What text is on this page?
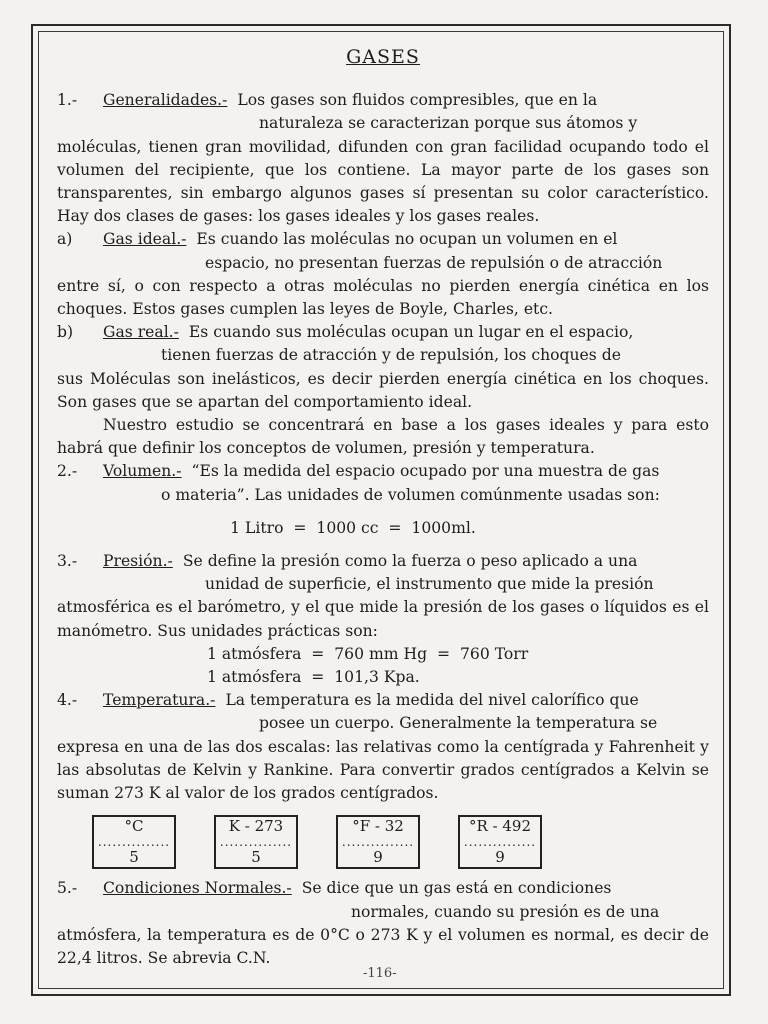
GASES
1.-	Generalidades.- Los gases son fluidos compresibles, que en la
naturaleza se caracterizan porque sus átomos y
moléculas, tienen gran movilidad, difunden con gran facilidad ocupando todo el volumen del recipiente, que los contiene. La mayor parte de los gases son transparentes, sin embargo algunos gases sí presentan su color característico. Hay dos clases de gases: los gases ideales y los gases reales.
a)	Gas ideal.- Es cuando las moléculas no ocupan un volumen en el
espacio, no presentan fuerzas de repulsión o de atracción
entre sí, o con respecto a otras moléculas no pierden energía cinética en los choques. Estos gases cumplen las leyes de Boyle, Charles, etc.
b)	Gas real.- Es cuando sus moléculas ocupan un lugar en el espacio,
tienen fuerzas de atracción y de repulsión, los choques de
sus Moléculas son inelásticos, es decir pierden energía cinética en los choques. Son gases que se apartan del comportamiento ideal.
Nuestro estudio se concentrará en base a los gases ideales y para esto habrá que definir los conceptos de volumen, presión y temperatura.
2.-	Volumen.- “Es la medida del espacio ocupado por una muestra de gas
o materia”. Las unidades de volumen comúnmente usadas son:
1 Litro  =  1000 cc  =  1000ml.
3.-	Presión.- Se define la presión como la fuerza o peso aplicado a una
unidad de superficie, el instrumento que mide la presión
atmosférica es el barómetro, y el que mide la presión de los gases o líquidos es el manómetro. Sus unidades prácticas son:
1 atmósfera  =  760 mm Hg  =  760 Torr
1 atmósfera  =  101,3 Kpa.
4.-	Temperatura.- La temperatura es la medida del nivel calorífico que
posee un cuerpo. Generalmente la temperatura se
expresa en una de las dos escalas: las relativas como la centígrada y Fahrenheit y las absolutas de Kelvin y Rankine. Para convertir grados centígrados a Kelvin se suman 273 K al valor de los grados centígrados.
°C
...............
5
K - 273
...............
5
°F - 32
...............
9
°R - 492
...............
9
5.-	Condiciones Normales.- Se dice que un gas está en condiciones
normales, cuando su presión es de una
atmósfera, la temperatura es de 0°C o 273 K y el volumen es normal, es decir de 22,4 litros. Se abrevia C.N.
-116-
